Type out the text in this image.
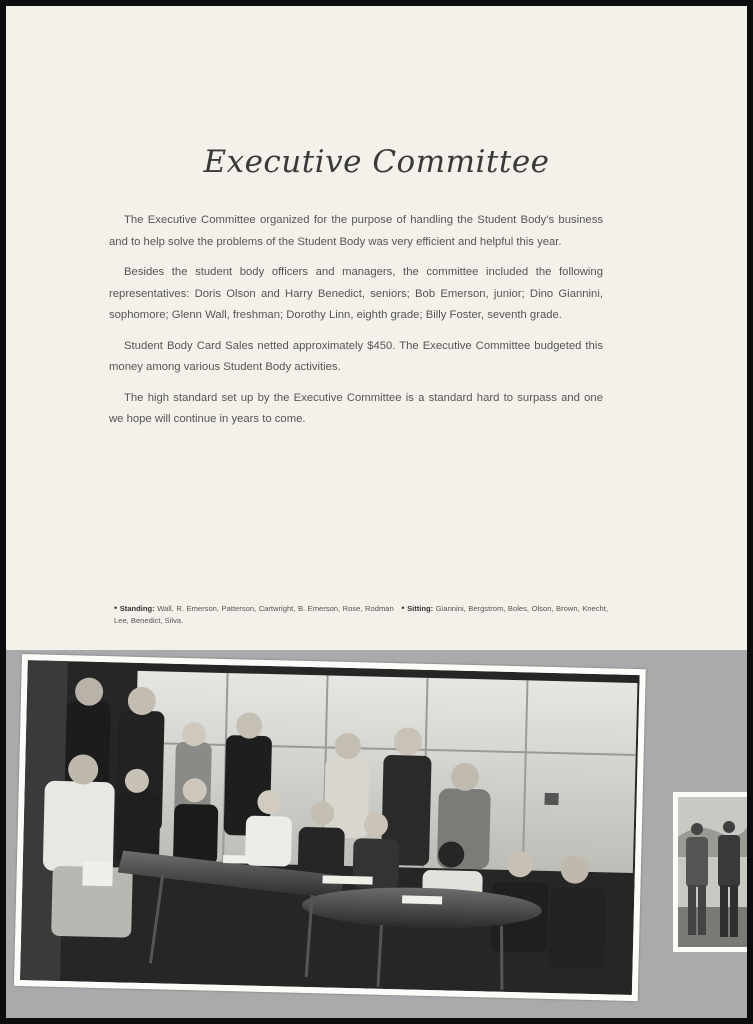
Executive Committee

The Executive Committee organized for the purpose of handling the Student Body's business and to help solve the problems of the Student Body was very efficient and helpful this year.

Besides the student body officers and managers, the committee included the following representatives: Doris Olson and Harry Benedict, seniors; Bob Emerson, junior; Dino Giannini, sophomore; Glenn Wall, freshman; Dorothy Linn, eighth grade; Billy Foster, seventh grade.

Student Body Card Sales netted approximately $450. The Executive Committee budgeted this money among various Student Body activities.

The high standard set up by the Executive Committee is a standard hard to surpass and one we hope will continue in years to come.

• Standing: Wall, R. Emerson, Patterson, Cartwright, B. Emerson, Rose, Rodman • Sitting: Giannini, Bergstrom, Boles, Olson, Brown, Knecht, Lee, Benedict, Silva.
